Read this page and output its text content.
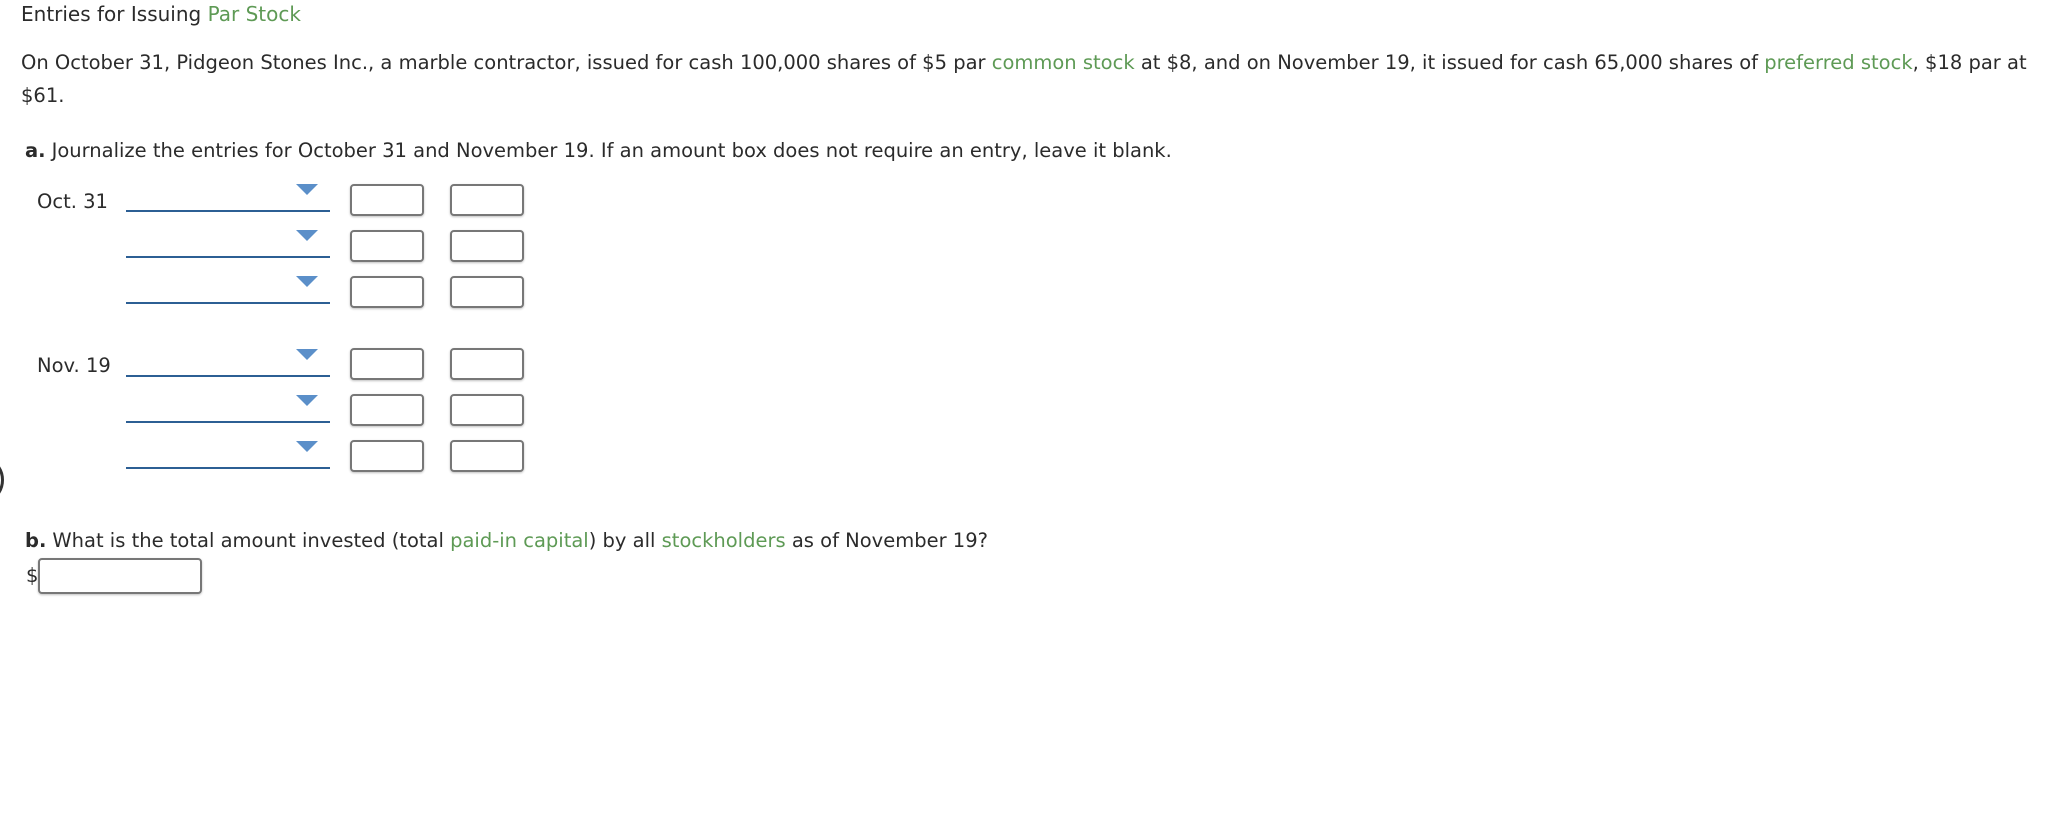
Entries for Issuing Par Stock
On October 31, Pidgeon Stones Inc., a marble contractor, issued for cash 100,000 shares of $5 par common stock at $8, and on November 19, it issued for cash 65,000 shares of preferred stock, $18 par at $61.
a. Journalize the entries for October 31 and November 19. If an amount box does not require an entry, leave it blank.
Oct. 31
Nov. 19
b. What is the total amount invested (total paid-in capital) by all stockholders as of November 19?
$
